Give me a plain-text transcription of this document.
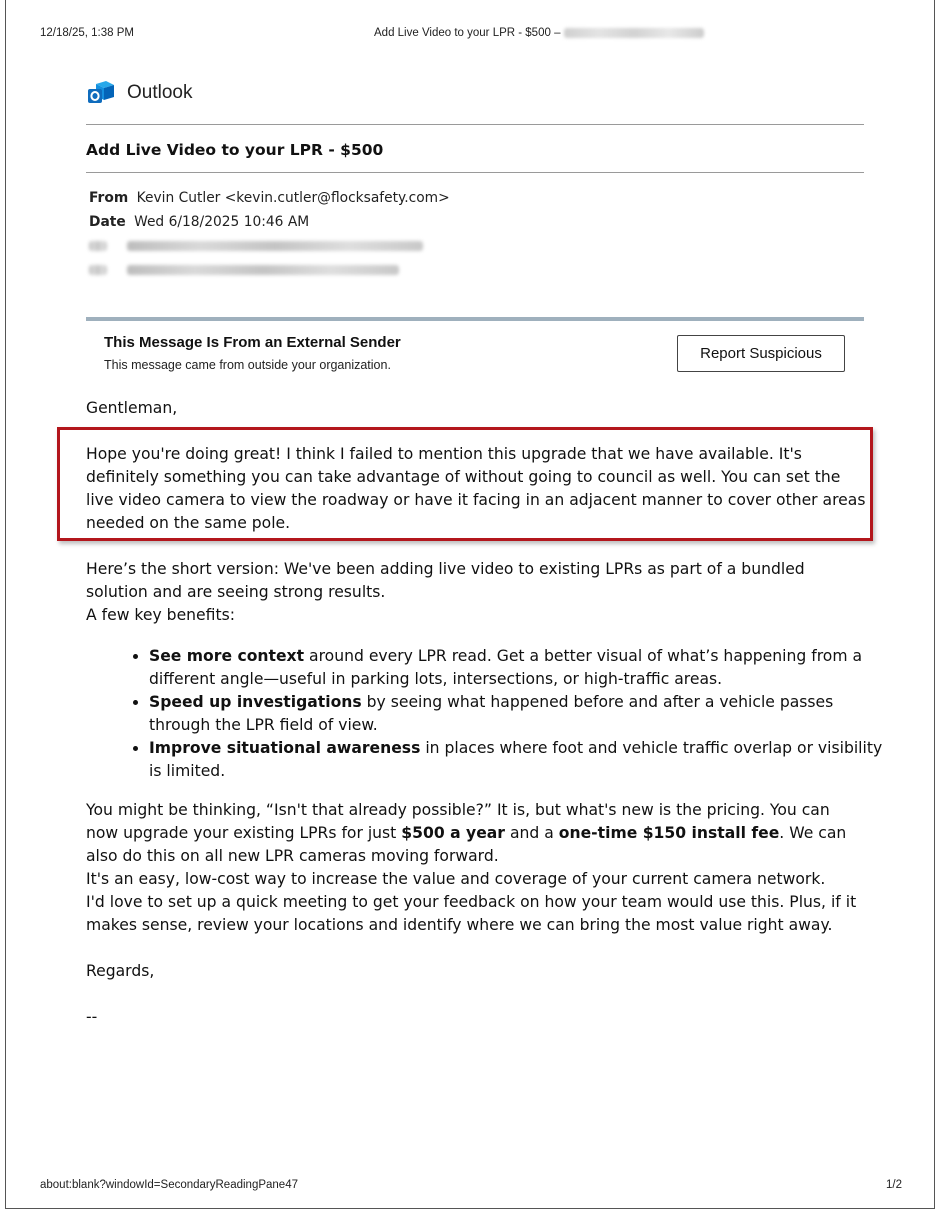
12/18/25, 1:38 PM	Add Live Video to your LPR - $500 –
Outlook
Add Live Video to your LPR - $500
From Kevin Cutler <kevin.cutler@flocksafety.com>
Date Wed 6/18/2025 10:46 AM
This Message Is From an External Sender
This message came from outside your organization.
Report Suspicious
Gentleman,
Hope you're doing great! I think I failed to mention this upgrade that we have available. It's definitely something you can take advantage of without going to council as well. You can set the live video camera to view the roadway or have it facing in an adjacent manner to cover other areas needed on the same pole.
Here’s the short version: We've been adding live video to existing LPRs as part of a bundled solution and are seeing strong results.
A few key benefits:
• See more context around every LPR read. Get a better visual of what’s happening from a different angle—useful in parking lots, intersections, or high-traffic areas.
• Speed up investigations by seeing what happened before and after a vehicle passes through the LPR field of view.
• Improve situational awareness in places where foot and vehicle traffic overlap or visibility is limited.
You might be thinking, “Isn't that already possible?” It is, but what's new is the pricing. You can now upgrade your existing LPRs for just $500 a year and a one-time $150 install fee. We can also do this on all new LPR cameras moving forward.
It's an easy, low-cost way to increase the value and coverage of your current camera network.
I'd love to set up a quick meeting to get your feedback on how your team would use this. Plus, if it makes sense, review your locations and identify where we can bring the most value right away.
Regards,
--
about:blank?windowId=SecondaryReadingPane47	1/2
